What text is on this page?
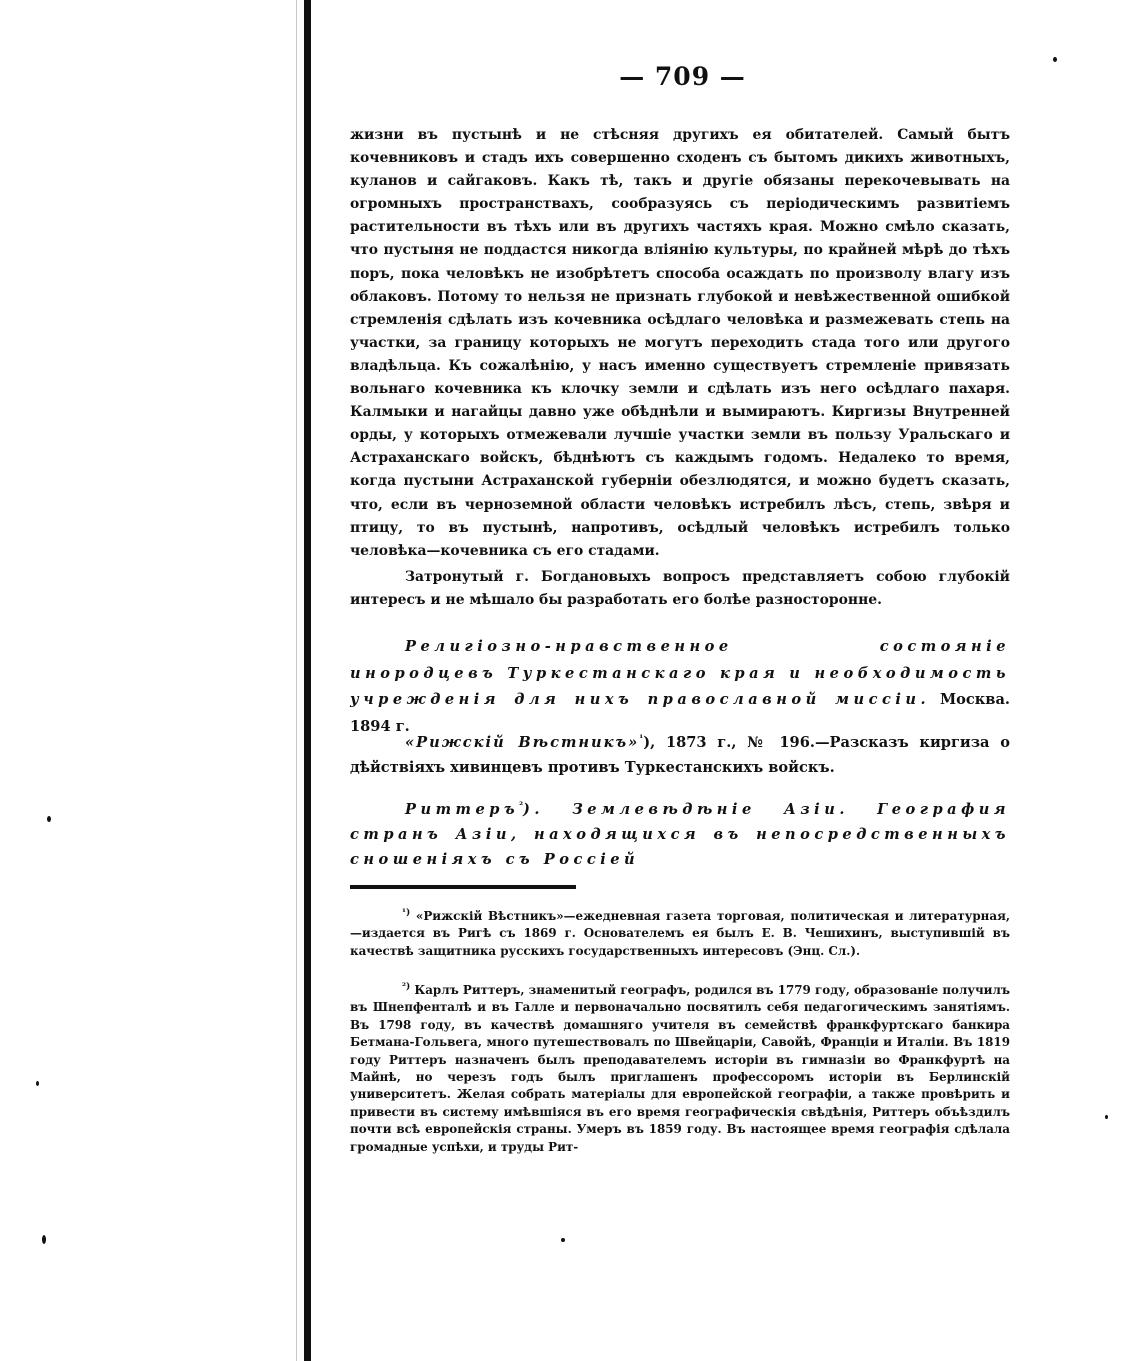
— 709 —

жизни въ пустынѣ и не стѣсняя другихъ ея обитателей. Самый бытъ кочевниковъ и стадъ ихъ совершенно сходенъ съ бытомъ дикихъ животныхъ, куланов и сайгаковъ. Какъ тѣ, такъ и другіе обязаны перекочевывать на огромныхъ пространствахъ, сообразуясь съ періодическимъ развитіемъ растительности въ тѣхъ или въ другихъ частяхъ края. Можно смѣло сказать, что пустыня не поддастся никогда вліянію культуры, по крайней мѣрѣ до тѣхъ поръ, пока человѣкъ не изобрѣтетъ способа осаждать по произволу влагу изъ облаковъ. Потому то нельзя не признать глубокой и невѣжественной ошибкой стремленія сдѣлать изъ кочевника осѣдлаго человѣка и размежевать степь на участки, за границу которыхъ не могутъ переходить стада того или другого владѣльца. Къ сожалѣнію, у насъ именно существуетъ стремленіе привязать вольнаго кочевника къ клочку земли и сдѣлать изъ него осѣдлаго пахаря. Калмыки и нагайцы давно уже обѣднѣли и вымираютъ. Киргизы Внутренней орды, у которыхъ отмежевали лучшіе участки земли въ пользу Уральскаго и Астраханскаго войскъ, бѣднѣютъ съ каждымъ годомъ. Недалеко то время, когда пустыни Астраханской губерніи обезлюдятся, и можно будетъ сказать, что, если въ черноземной области человѣкъ истребилъ лѣсъ, степь, звѣря и птицу, то въ пустынѣ, напротивъ, осѣдлый человѣкъ истребилъ только человѣка—кочевника съ его стадами.

Затронутый г. Богдановыхъ вопросъ представляетъ собою глубокій интересъ и не мѣшало бы разработать его болѣе разносторонне.

Религіозно-нравственное состояніе инородцевъ Туркестанскаго края и необходимость учрежденія для нихъ православной миссіи. Москва. 1894 г.

«Рижскій Вѣстникъ»$^{^1}$), 1873 г., № 196.—Разсказъ киргиза о дѣйствіяхъ хивинцевъ противъ Туркестанскихъ войскъ.

Риттеръ$^{^2}$). Землевѣдѣніе Азіи. География странъ Азіи, находящихся въ непосредственныхъ сношеніяхъ съ Россіей

$^{^1)}$ «Рижскій Вѣстникъ»—ежедневная газета торговая, политическая и литературная,—издается въ Ригѣ съ 1869 г. Основателемъ ея былъ Е. В. Чешихинъ, выступившій въ качествѣ защитника русскихъ государственныхъ интересовъ (Энц. Сл.).

$^{^2)}$ Карлъ Риттеръ, знаменитый географъ, родился въ 1779 году, образованіе получилъ въ Шнепфенталѣ и въ Галле и первоначально посвятилъ себя педагогическимъ занятіямъ. Въ 1798 году, въ качествѣ домашняго учителя въ семействѣ франкфуртскаго банкира Бетмана-Гольвега, много путешествовалъ по Швейцаріи, Савойѣ, Франціи и Италіи. Въ 1819 году Риттеръ назначенъ былъ преподавателемъ исторіи въ гимназіи во Франкфуртѣ на Майнѣ, но черезъ годъ былъ приглашенъ профессоромъ исторіи въ Берлинскій университетъ. Желая собрать матеріалы для европейской географіи, а также провѣрить и привести въ систему имѣвшіяся въ его время географическія свѣдѣнія, Риттеръ объѣздилъ почти всѣ европейскія страны. Умеръ въ 1859 году. Въ настоящее время географія сдѣлала громадные успѣхи, и труды Рит-
